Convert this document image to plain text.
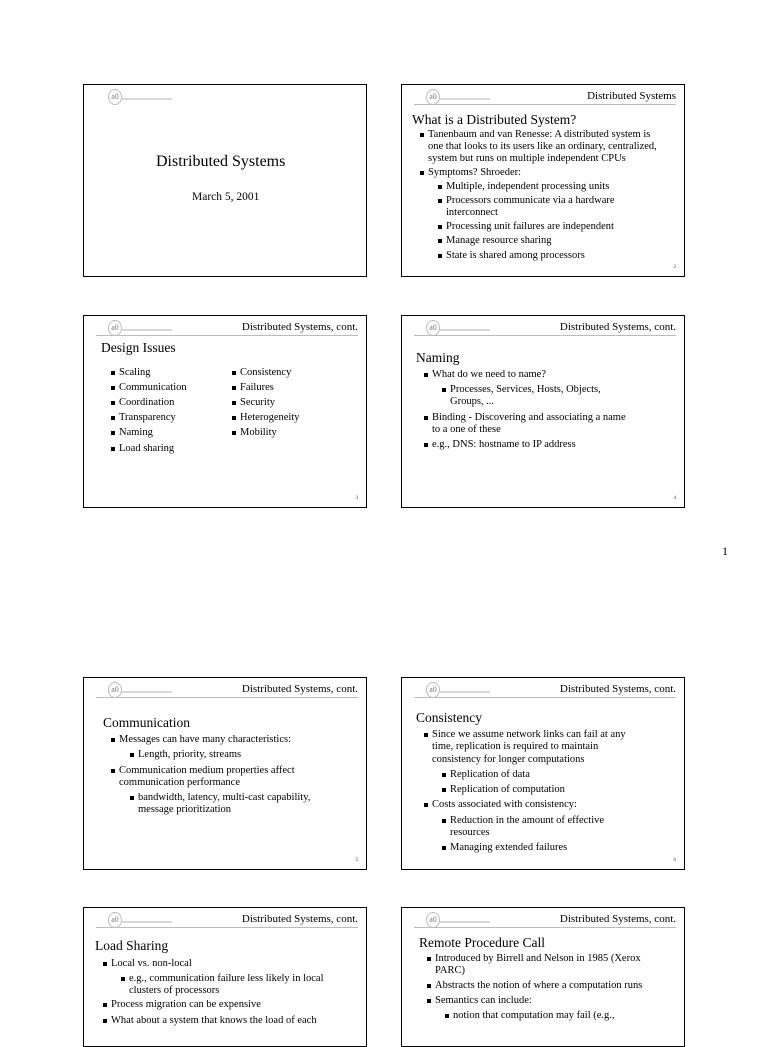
a0
Distributed Systems
March 5, 2001
a0	Distributed Systems
What is a Distributed System?
Tanenbaum and van Renesse: A distributed system is
one that looks to its users like an ordinary, centralized,
system but runs on multiple independent CPUs
Symptoms? Shroeder:
Multiple, independent processing units
Processors communicate via a hardware
interconnect
Processing unit failures are independent
Manage resource sharing
State is shared among processors
2
a0	Distributed Systems, cont.
Design Issues
Scaling
Communication
Coordination
Transparency
Naming
Load sharing
Consistency
Failures
Security
Heterogeneity
Mobility
3
a0	Distributed Systems, cont.
Naming
What do we need to name?
Processes, Services, Hosts, Objects,
Groups, ...
Binding - Discovering and associating a name
to a one of these
e.g., DNS: hostname to IP address
4
1
a0	Distributed Systems, cont.
Communication
Messages can have many characteristics:
Length, priority, streams
Communication medium properties affect
communication performance
bandwidth, latency, multi-cast capability,
message prioritization
5
a0	Distributed Systems, cont.
Consistency
Since we assume network links can fail at any
time, replication is required to maintain
consistency for longer computations
Replication of data
Replication of computation
Costs associated with consistency:
Reduction in the amount of effective
resources
Managing extended failures
6
a0	Distributed Systems, cont.
Load Sharing
Local vs. non-local
e.g., communication failure less likely in local
clusters of processors
Process migration can be expensive
What about a system that knows the load of each
a0	Distributed Systems, cont.
Remote Procedure Call
Introduced by Birrell and Nelson in 1985 (Xerox
PARC)
Abstracts the notion of where a computation runs
Semantics can include:
notion that computation may fail (e.g.,
